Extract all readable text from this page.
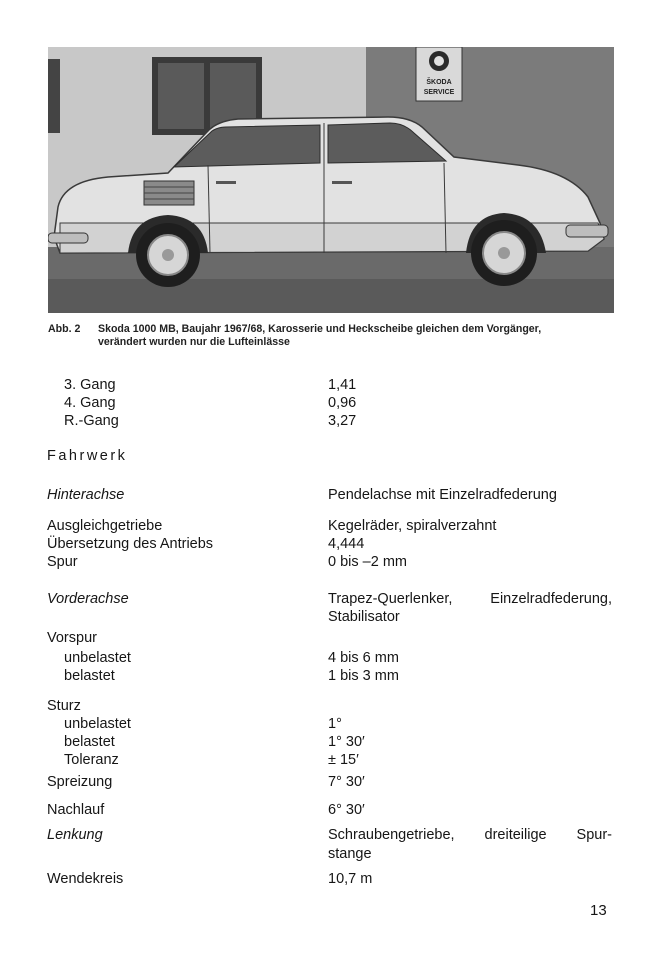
ŠKODA
SERVICE
Abb. 2 Skoda 1000 MB, Baujahr 1967/68, Karosserie und Heckscheibe gleichen dem Vorgänger,
verändert wurden nur die Lufteinlässe
3. Gang	1,41
4. Gang	0,96
R.-Gang	3,27
Fahrwerk
Hinterachse	Pendelachse mit Einzelradfederung
Ausgleichgetriebe	Kegelräder, spiralverzahnt
Übersetzung des Antriebs	4,444
Spur	0 bis –2 mm
Vorderachse	Trapez-Querlenker, Einzelradfederung,
Stabilisator
Vorspur
unbelastet	4 bis 6 mm
belastet	1 bis 3 mm
Sturz
unbelastet	1°
belastet	1° 30′
Toleranz	± 15′
Spreizung	7° 30′
Nachlauf	6° 30′
Lenkung	Schraubengetriebe, dreiteilige Spur-
stange
Wendekreis	10,7 m
13
